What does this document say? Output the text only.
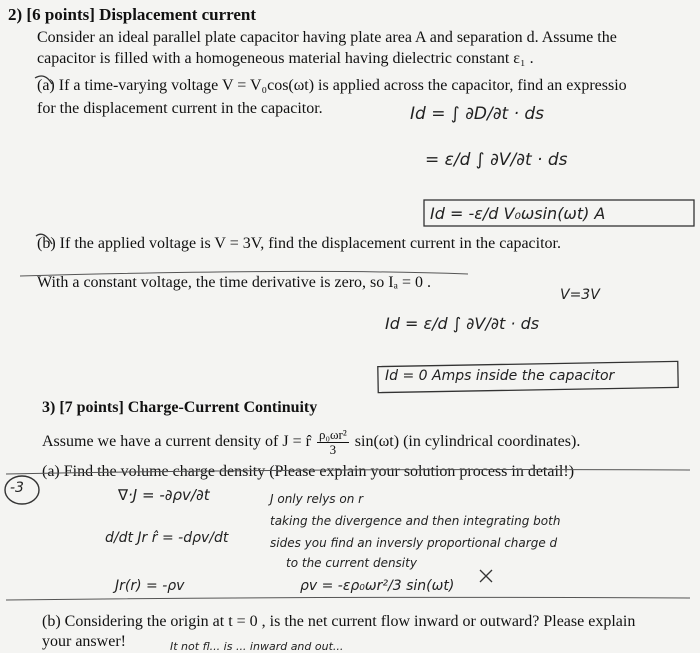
2) [6 points] Displacement current
Consider an ideal parallel plate capacitor having plate area A and separation d. Assume the
capacitor is filled with a homogeneous material having dielectric constant ε₁ .
(a) If a time-varying voltage V = V₀cos(ωt) is applied across the capacitor, find an expressio
for the displacement current in the capacitor.
(b) If the applied voltage is V = 3V, find the displacement current in the capacitor.
With a constant voltage, the time derivative is zero, so Iₐ = 0 .
3) [7 points] Charge-Current Continuity
Assume we have a current density of J = r̂ $\frac{\text{ρ₀ωr²}}{3} \sin(\omega t)$ (in cylindrical coordinates).
(a) Find the volume charge density (Please explain your solution process in detail!)
(b) Considering the origin at t = 0 , is the net current flow inward or outward? Please explain
your answer!
Id = ∫ ∂D/∂t · ds
= ε/d ∫ ∂V/∂t · ds
Id = -ε/d V₀ωsin(ωt) A
V=3V
Id = ε/d ∫ ∂V/∂t · ds
Id = 0 Amps inside the capacitor
-3	∇·J = -∂ρv/∂t
d/dt Jr r̂ = -dρv/dt
Jr(r) = -ρv
J only relys on r
taking the divergence and then integrating both
sides you find an inversly proportional charge d
to the current density
ρv = -ερ₀ωr²/3 sin(ωt)
It not fl... is ... inward and out...
